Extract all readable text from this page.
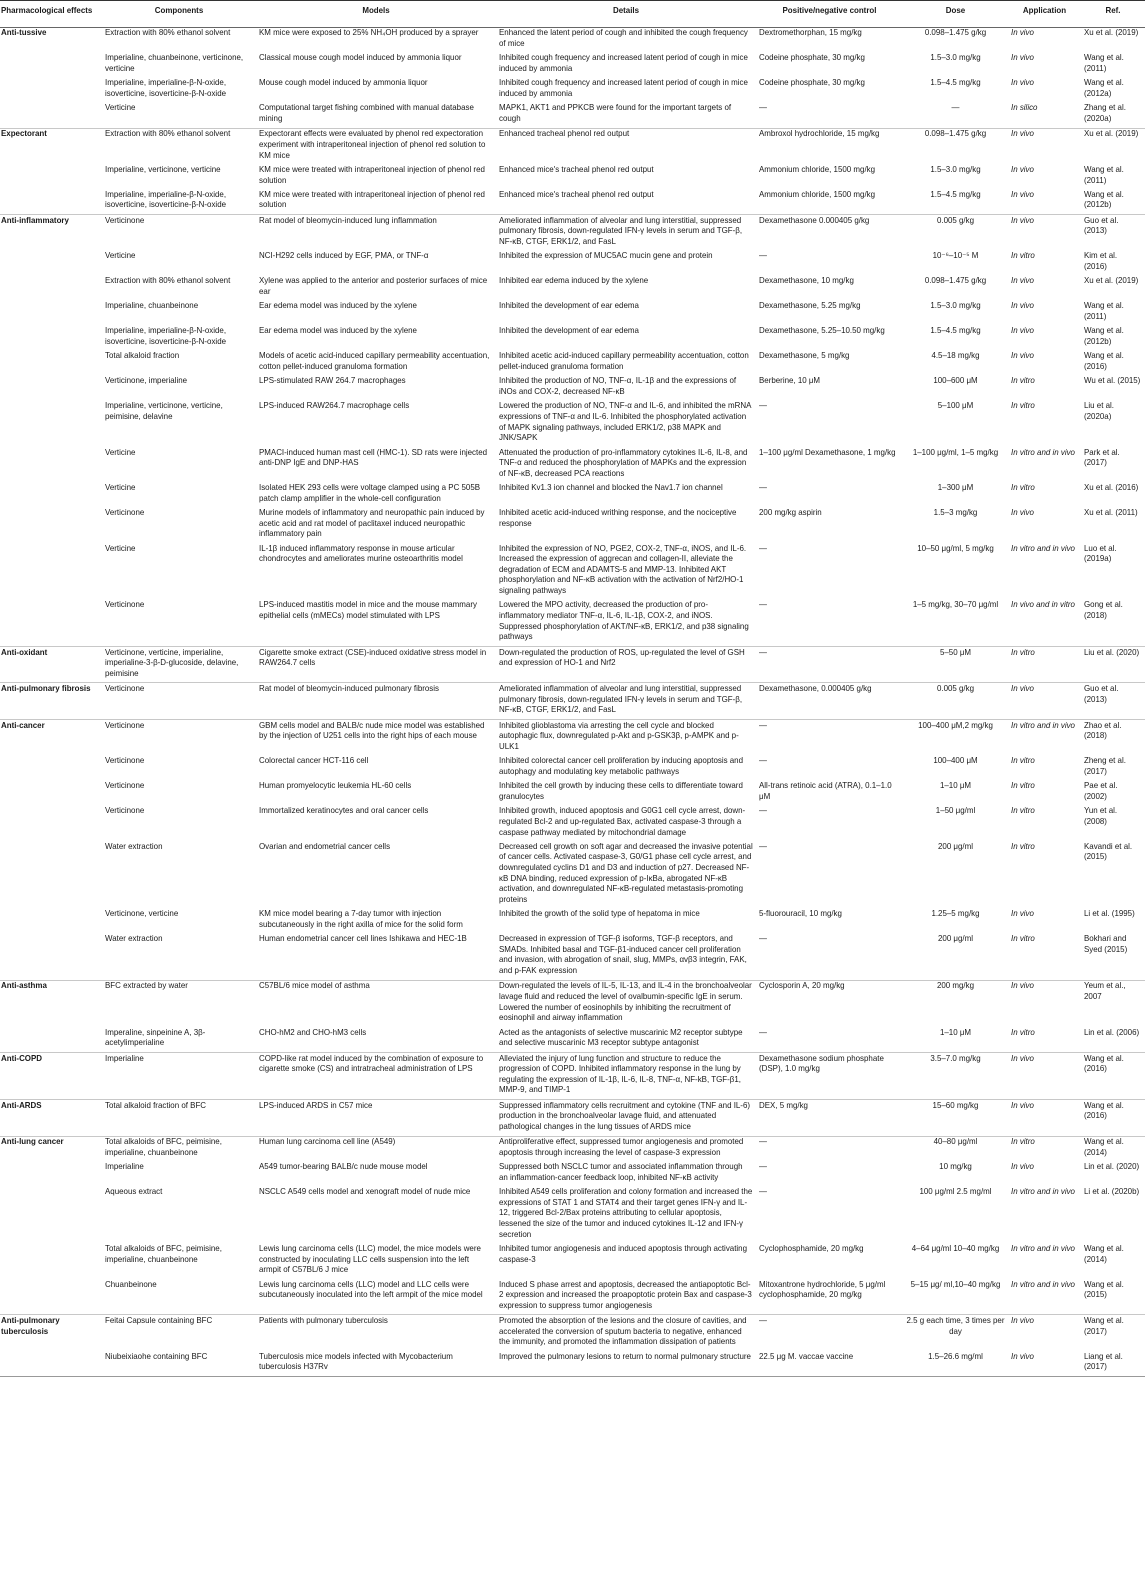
Pharmacological effects	Components	Models	Details	Positive/negative control	Dose	Application	Ref.
Anti-tussive	Extraction with 80% ethanol solvent	KM mice were exposed to 25% NH₄OH produced by a sprayer	Enhanced the latent period of cough and inhibited the cough frequency of mice	Dextromethorphan, 15 mg/kg	0.098–1.475 g/kg	In vivo	Xu et al. (2019)
	Imperialine, chuanbeinone, verticinone, verticine	Classical mouse cough model induced by ammonia liquor	Inhibited cough frequency and increased latent period of cough in mice induced by ammonia	Codeine phosphate, 30 mg/kg	1.5–3.0 mg/kg	In vivo	Wang et al. (2011)
	Imperialine, imperialine-β-N-oxide, isoverticine, isoverticine-β-N-oxide	Mouse cough model induced by ammonia liquor	Inhibited cough frequency and increased latent period of cough in mice induced by ammonia	Codeine phosphate, 30 mg/kg	1.5–4.5 mg/kg	In vivo	Wang et al. (2012a)
	Verticine	Computational target fishing combined with manual database mining	MAPK1, AKT1 and PPKCB were found for the important targets of cough	—	—	In silico	Zhang et al. (2020a)
Expectorant	Extraction with 80% ethanol solvent	Expectorant effects were evaluated by phenol red expectoration experiment with intraperitoneal injection of phenol red solution to KM mice	Enhanced tracheal phenol red output	Ambroxol hydrochloride, 15 mg/kg	0.098–1.475 g/kg	In vivo	Xu et al. (2019)
	Imperialine, verticinone, verticine	KM mice were treated with intraperitoneal injection of phenol red solution	Enhanced mice's tracheal phenol red output	Ammonium chloride, 1500 mg/kg	1.5–3.0 mg/kg	In vivo	Wang et al. (2011)
	Imperialine, imperialine-β-N-oxide, isoverticine, isoverticine-β-N-oxide	KM mice were treated with intraperitoneal injection of phenol red solution	Enhanced mice's tracheal phenol red output	Ammonium chloride, 1500 mg/kg	1.5–4.5 mg/kg	In vivo	Wang et al. (2012b)
Anti-inflammatory	Verticinone	Rat model of bleomycin-induced lung inflammation	Ameliorated inflammation of alveolar and lung interstitial, suppressed pulmonary fibrosis, down-regulated IFN-γ levels in serum and TGF-β, NF-κB, CTGF, ERK1/2, and FasL	Dexamethasone 0.000405 g/kg	0.005 g/kg	In vivo	Guo et al. (2013)
	Verticine	NCI-H292 cells induced by EGF, PMA, or TNF-α	Inhibited the expression of MUC5AC mucin gene and protein	—	10⁻⁶–10⁻⁵ M	In vitro	Kim et al. (2016)
	Extraction with 80% ethanol solvent	Xylene was applied to the anterior and posterior surfaces of mice ear	Inhibited ear edema induced by the xylene	Dexamethasone, 10 mg/kg	0.098–1.475 g/kg	In vivo	Xu et al. (2019)
	Imperialine, chuanbeinone	Ear edema model was induced by the xylene	Inhibited the development of ear edema	Dexamethasone, 5.25 mg/kg	1.5–3.0 mg/kg	In vivo	Wang et al. (2011)
	Imperialine, imperialine-β-N-oxide, isoverticine, isoverticine-β-N-oxide	Ear edema model was induced by the xylene	Inhibited the development of ear edema	Dexamethasone, 5.25–10.50 mg/kg	1.5–4.5 mg/kg	In vivo	Wang et al. (2012b)
	Total alkaloid fraction	Models of acetic acid-induced capillary permeability accentuation, cotton pellet-induced granuloma formation	Inhibited acetic acid-induced capillary permeability accentuation, cotton pellet-induced granuloma formation	Dexamethasone, 5 mg/kg	4.5–18 mg/kg	In vivo	Wang et al. (2016)
	Verticinone, imperialine	LPS-stimulated RAW 264.7 macrophages	Inhibited the production of NO, TNF-α, IL-1β and the expressions of iNOs and COX-2, decreased NF-κB	Berberine, 10 μM	100–600 μM	In vitro	Wu et al. (2015)
	Imperialine, verticinone, verticine, peimisine, delavine	LPS-induced RAW264.7 macrophage cells	Lowered the production of NO, TNF-α and IL-6, and inhibited the mRNA expressions of TNF-α and IL-6. Inhibited the phosphorylated activation of MAPK signaling pathways, included ERK1/2, p38 MAPK and JNK/SAPK	—	5–100 μM	In vitro	Liu et al. (2020a)
	Verticine	PMACI-induced human mast cell (HMC-1). SD rats were injected anti-DNP IgE and DNP-HAS	Attenuated the production of pro-inflammatory cytokines IL-6, IL-8, and TNF-α and reduced the phosphorylation of MAPKs and the expression of NF-κB, decreased PCA reactions	1–100 μg/ml Dexamethasone, 1 mg/kg	1–100 μg/ml, 1–5 mg/kg	In vitro and in vivo	Park et al. (2017)
	Verticine	Isolated HEK 293 cells were voltage clamped using a PC 505B patch clamp amplifier in the whole-cell configuration	Inhibited Kv1.3 ion channel and blocked the Nav1.7 ion channel	—	1–300 μM	In vitro	Xu et al. (2016)
	Verticinone	Murine models of inflammatory and neuropathic pain induced by acetic acid and rat model of paclitaxel induced neuropathic inflammatory pain	Inhibited acetic acid-induced writhing response, and the nociceptive response	200 mg/kg aspirin	1.5–3 mg/kg	In vivo	Xu et al. (2011)
	Verticine	IL-1β induced inflammatory response in mouse articular chondrocytes and ameliorates murine osteoarthritis model	Inhibited the expression of NO, PGE2, COX-2, TNF-α, iNOS, and IL-6. Increased the expression of aggrecan and collagen-II, alleviate the degradation of ECM and ADAMTS-5 and MMP-13. Inhibited AKT phosphorylation and NF-κB activation with the activation of Nrf2/HO-1 signaling pathways	—	10–50 μg/ml, 5 mg/kg	In vitro and in vivo	Luo et al. (2019a)
	Verticinone	LPS-induced mastitis model in mice and the mouse mammary epithelial cells (mMECs) model stimulated with LPS	Lowered the MPO activity, decreased the production of pro-inflammatory mediator TNF-α, IL-6, IL-1β, COX-2, and iNOS. Suppressed phosphorylation of AKT/NF-κB, ERK1/2, and p38 signaling pathways	—	1–5 mg/kg, 30–70 μg/ml	In vivo and in vitro	Gong et al. (2018)
Anti-oxidant	Verticinone, verticine, imperialine, imperialine-3-β-D-glucoside, delavine, peimisine	Cigarette smoke extract (CSE)-induced oxidative stress model in RAW264.7 cells	Down-regulated the production of ROS, up-regulated the level of GSH and expression of HO-1 and Nrf2	—	5–50 μM	In vitro	Liu et al. (2020)
Anti-pulmonary fibrosis	Verticinone	Rat model of bleomycin-induced pulmonary fibrosis	Ameliorated inflammation of alveolar and lung interstitial, suppressed pulmonary fibrosis, down-regulated IFN-γ levels in serum and TGF-β, NF-κB, CTGF, ERK1/2, and FasL	Dexamethasone, 0.000405 g/kg	0.005 g/kg	In vivo	Guo et al. (2013)
Anti-cancer	Verticinone	GBM cells model and BALB/c nude mice model was established by the injection of U251 cells into the right hips of each mouse	Inhibited glioblastoma via arresting the cell cycle and blocked autophagic flux, downregulated p-Akt and p-GSK3β, p-AMPK and p-ULK1	—	100–400 μM,2 mg/kg	In vitro and in vivo	Zhao et al. (2018)
	Verticinone	Colorectal cancer HCT-116 cell	Inhibited colorectal cancer cell proliferation by inducing apoptosis and autophagy and modulating key metabolic pathways	—	100–400 μM	In vitro	Zheng et al. (2017)
	Verticinone	Human promyelocytic leukemia HL-60 cells	Inhibited the cell growth by inducing these cells to differentiate toward granulocytes	All-trans retinoic acid (ATRA), 0.1–1.0 μM	1–10 μM	In vitro	Pae et al. (2002)
	Verticinone	Immortalized keratinocytes and oral cancer cells	Inhibited growth, induced apoptosis and G0G1 cell cycle arrest, down-regulated Bcl-2 and up-regulated Bax, activated caspase-3 through a caspase pathway mediated by mitochondrial damage	—	1–50 μg/ml	In vitro	Yun et al. (2008)
	Water extraction	Ovarian and endometrial cancer cells	Decreased cell growth on soft agar and decreased the invasive potential of cancer cells. Activated caspase-3, G0/G1 phase cell cycle arrest, and downregulated cyclins D1 and D3 and induction of p27. Decreased NF-κB DNA binding, reduced expression of p-IκBa, abrogated NF-κB activation, and downregulated NF-κB-regulated metastasis-promoting proteins	—	200 μg/ml	In vitro	Kavandi et al. (2015)
	Verticinone, verticine	KM mice model bearing a 7-day tumor with injection subcutaneously in the right axilla of mice for the solid form	Inhibited the growth of the solid type of hepatoma in mice	5-fluorouracil, 10 mg/kg	1.25–5 mg/kg	In vivo	Li et al. (1995)
	Water extraction	Human endometrial cancer cell lines Ishikawa and HEC-1B	Decreased in expression of TGF-β isoforms, TGF-β receptors, and SMADs. Inhibited basal and TGF-β1-induced cancer cell proliferation and invasion, with abrogation of snail, slug, MMPs, αvβ3 integrin, FAK, and p-FAK expression	—	200 μg/ml	In vitro	Bokhari and Syed (2015)
Anti-asthma	BFC extracted by water	C57BL/6 mice model of asthma	Down-regulated the levels of IL-5, IL-13, and IL-4 in the bronchoalveolar lavage fluid and reduced the level of ovalbumin-specific IgE in serum. Lowered the number of eosinophils by inhibiting the recruitment of eosinophil and airway inflammation	Cyclosporin A, 20 mg/kg	200 mg/kg	In vivo	Yeum et al., 2007
	Imperaline, sinpeinine A, 3β-acetylimperialine	CHO-hM2 and CHO-hM3 cells	Acted as the antagonists of selective muscarinic M2 receptor subtype and selective muscarinic M3 receptor subtype antagonist	—	1–10 μM	In vitro	Lin et al. (2006)
Anti-COPD	Imperialine	COPD-like rat model induced by the combination of exposure to cigarette smoke (CS) and intratracheal administration of LPS	Alleviated the injury of lung function and structure to reduce the progression of COPD. Inhibited inflammatory response in the lung by regulating the expression of IL-1β, IL-6, IL-8, TNF-α, NF-kB, TGF-β1, MMP-9, and TIMP-1	Dexamethasone sodium phosphate (DSP), 1.0 mg/kg	3.5–7.0 mg/kg	In vivo	Wang et al. (2016)
Anti-ARDS	Total alkaloid fraction of BFC	LPS-induced ARDS in C57 mice	Suppressed inflammatory cells recruitment and cytokine (TNF and IL-6) production in the bronchoalveolar lavage fluid, and attenuated pathological changes in the lung tissues of ARDS mice	DEX, 5 mg/kg	15–60 mg/kg	In vivo	Wang et al. (2016)
Anti-lung cancer	Total alkaloids of BFC, peimisine, imperialine, chuanbeinone	Human lung carcinoma cell line (A549)	Antiproliferative effect, suppressed tumor angiogenesis and promoted apoptosis through increasing the level of caspase-3 expression	—	40–80 μg/ml	In vitro	Wang et al. (2014)
	Imperialine	A549 tumor-bearing BALB/c nude mouse model	Suppressed both NSCLC tumor and associated inflammation through an inflammation-cancer feedback loop, inhibited NF-κB activity	—	10 mg/kg	In vivo	Lin et al. (2020)
	Aqueous extract	NSCLC A549 cells model and xenograft model of nude mice	Inhibited A549 cells proliferation and colony formation and increased the expressions of STAT 1 and STAT4 and their target genes IFN-γ and IL-12, triggered Bcl-2/Bax proteins attributing to cellular apoptosis, lessened the size of the tumor and induced cytokines IL-12 and IFN-γ secretion	—	100 μg/ml 2.5 mg/ml	In vitro and in vivo	Li et al. (2020b)
	Total alkaloids of BFC, peimisine, imperialine, chuanbeinone	Lewis lung carcinoma cells (LLC) model, the mice models were constructed by inoculating LLC cells suspension into the left armpit of C57BL/6 J mice	Inhibited tumor angiogenesis and induced apoptosis through activating caspase-3	Cyclophosphamide, 20 mg/kg	4–64 μg/ml 10–40 mg/kg	In vitro and in vivo	Wang et al. (2014)
	Chuanbeinone	Lewis lung carcinoma cells (LLC) model and LLC cells were subcutaneously inoculated into the left armpit of the mice model	Induced S phase arrest and apoptosis, decreased the antiapoptotic Bcl-2 expression and increased the proapoptotic protein Bax and caspase-3 expression to suppress tumor angiogenesis	Mitoxantrone hydrochloride, 5 μg/ml cyclophosphamide, 20 mg/kg	5–15 μg/ ml,10–40 mg/kg	In vitro and in vivo	Wang et al. (2015)
Anti-pulmonary tuberculosis	Feitai Capsule containing BFC	Patients with pulmonary tuberculosis	Promoted the absorption of the lesions and the closure of cavities, and accelerated the conversion of sputum bacteria to negative, enhanced the immunity, and promoted the inflammation dissipation of patients	—	2.5 g each time, 3 times per day	In vivo	Wang et al. (2017)
	Niubeixiaohe containing BFC	Tuberculosis mice models infected with Mycobacterium tuberculosis H37Rv	Improved the pulmonary lesions to return to normal pulmonary structure	22.5 μg M. vaccae vaccine	1.5–26.6 mg/ml	In vivo	Liang et al. (2017)
